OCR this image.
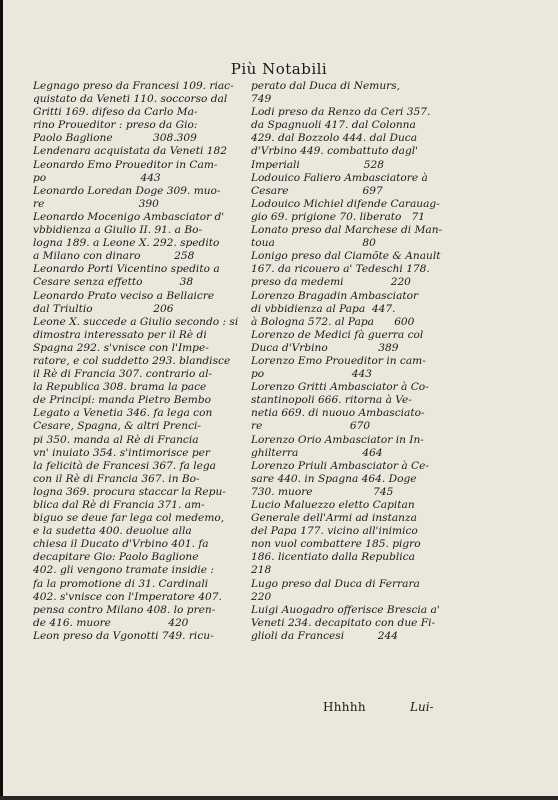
Più Notabili
Legnago preso da Francesi 109. riac-
quistato da Veneti 110. soccorso dal
Gritti 169. difeso da Carlo Ma-
rino Proueditor : preso da Gio:
Paolo Baglione            308.309
Lendenara acquistata da Veneti 182
Leonardo Emo Proueditor in Cam-
po                            443
Leonardo Loredan Doge 309. muo-
re                            390
Leonardo Mocenigo Ambasciator d'
vbbidienza a Giulio II. 91. a Bo-
logna 189. a Leone X. 292. spedito
a Milano con dinaro          258
Leonardo Porti Vicentino spedito a
Cesare senza effetto           38
Leonardo Prato veciso a Bellaicre
dal Triultio                  206
Leone X. succede a Giulio secondo : si
dimostra interessato per il Rè di
Spagna 292. s'vnisce con l'Impe-
ratore, e col suddetto 293. blandisce
il Rè di Francia 307. contrario al-
la Republica 308. brama la pace
de Principi: manda Pietro Bembo
Legato a Venetia 346. fa lega con
Cesare, Spagna, & altri Prenci-
pi 350. manda al Rè di Francia
vn' inuiato 354. s'intimorisce per
la felicità de Francesi 367. fa lega
con il Rè di Francia 367. in Bo-
logna 369. procura staccar la Repu-
blica dal Rè di Francia 371. am-
biguo se deue far lega col medemo,
e la sudetta 400. deuolue alla
chiesa il Ducato d'Vrbino 401. fa
decapitare Gio: Paolo Baglione
402. gli vengono tramate insidie :
fa la promotione di 31. Cardinali
402. s'vnisce con l'Imperatore 407.
pensa contro Milano 408. lo pren-
de 416. muore                 420
Leon preso da Vgonotti 749. ricu-
perato dal Duca di Nemurs,
749
Lodi preso da Renzo da Ceri 357.
da Spagnuoli 417. dal Colonna
429. dal Bozzolo 444. dal Duca
d'Vrbino 449. combattuto dagl'
Imperiali                   528
Lodouico Faliero Ambasciatore à
Cesare                      697
Lodouico Michiel difende Carauag-
gio 69. prigione 70. liberato   71
Lonato preso dal Marchese di Man-
toua                          80
Lonigo preso dal Ciamõte & Anault
167. da ricouero a' Tedeschi 178.
preso da medemi              220
Lorenzo Bragadin Ambasciator
di vbbidienza al Papa  447.
à Bologna 572. al Papa      600
Lorenzo de Medici fà guerra col
Duca d'Vrbino               389
Lorenzo Emo Proueditor in cam-
po                          443
Lorenzo Gritti Ambasciator à Co-
stantinopoli 666. ritorna à Ve-
netia 669. di nuouo Ambasciato-
re                          670
Lorenzo Orio Ambasciator in In-
ghilterra                   464
Lorenzo Priuli Ambasciator à Ce-
sare 440. in Spagna 464. Doge
730. muore                  745
Lucio Maluezzo eletto Capitan
Generale dell'Armi ad instanza
del Papa 177. vicino all'inimico
non vuol combattere 185. pigro
186. licentiato dalla Republica
218
Lugo preso dal Duca di Ferrara
220
Luigi Auogadro offerisce Brescia a'
Veneti 234. decapitato con due Fi-
glioli da Francesi          244
Hhhhh	Lui-
